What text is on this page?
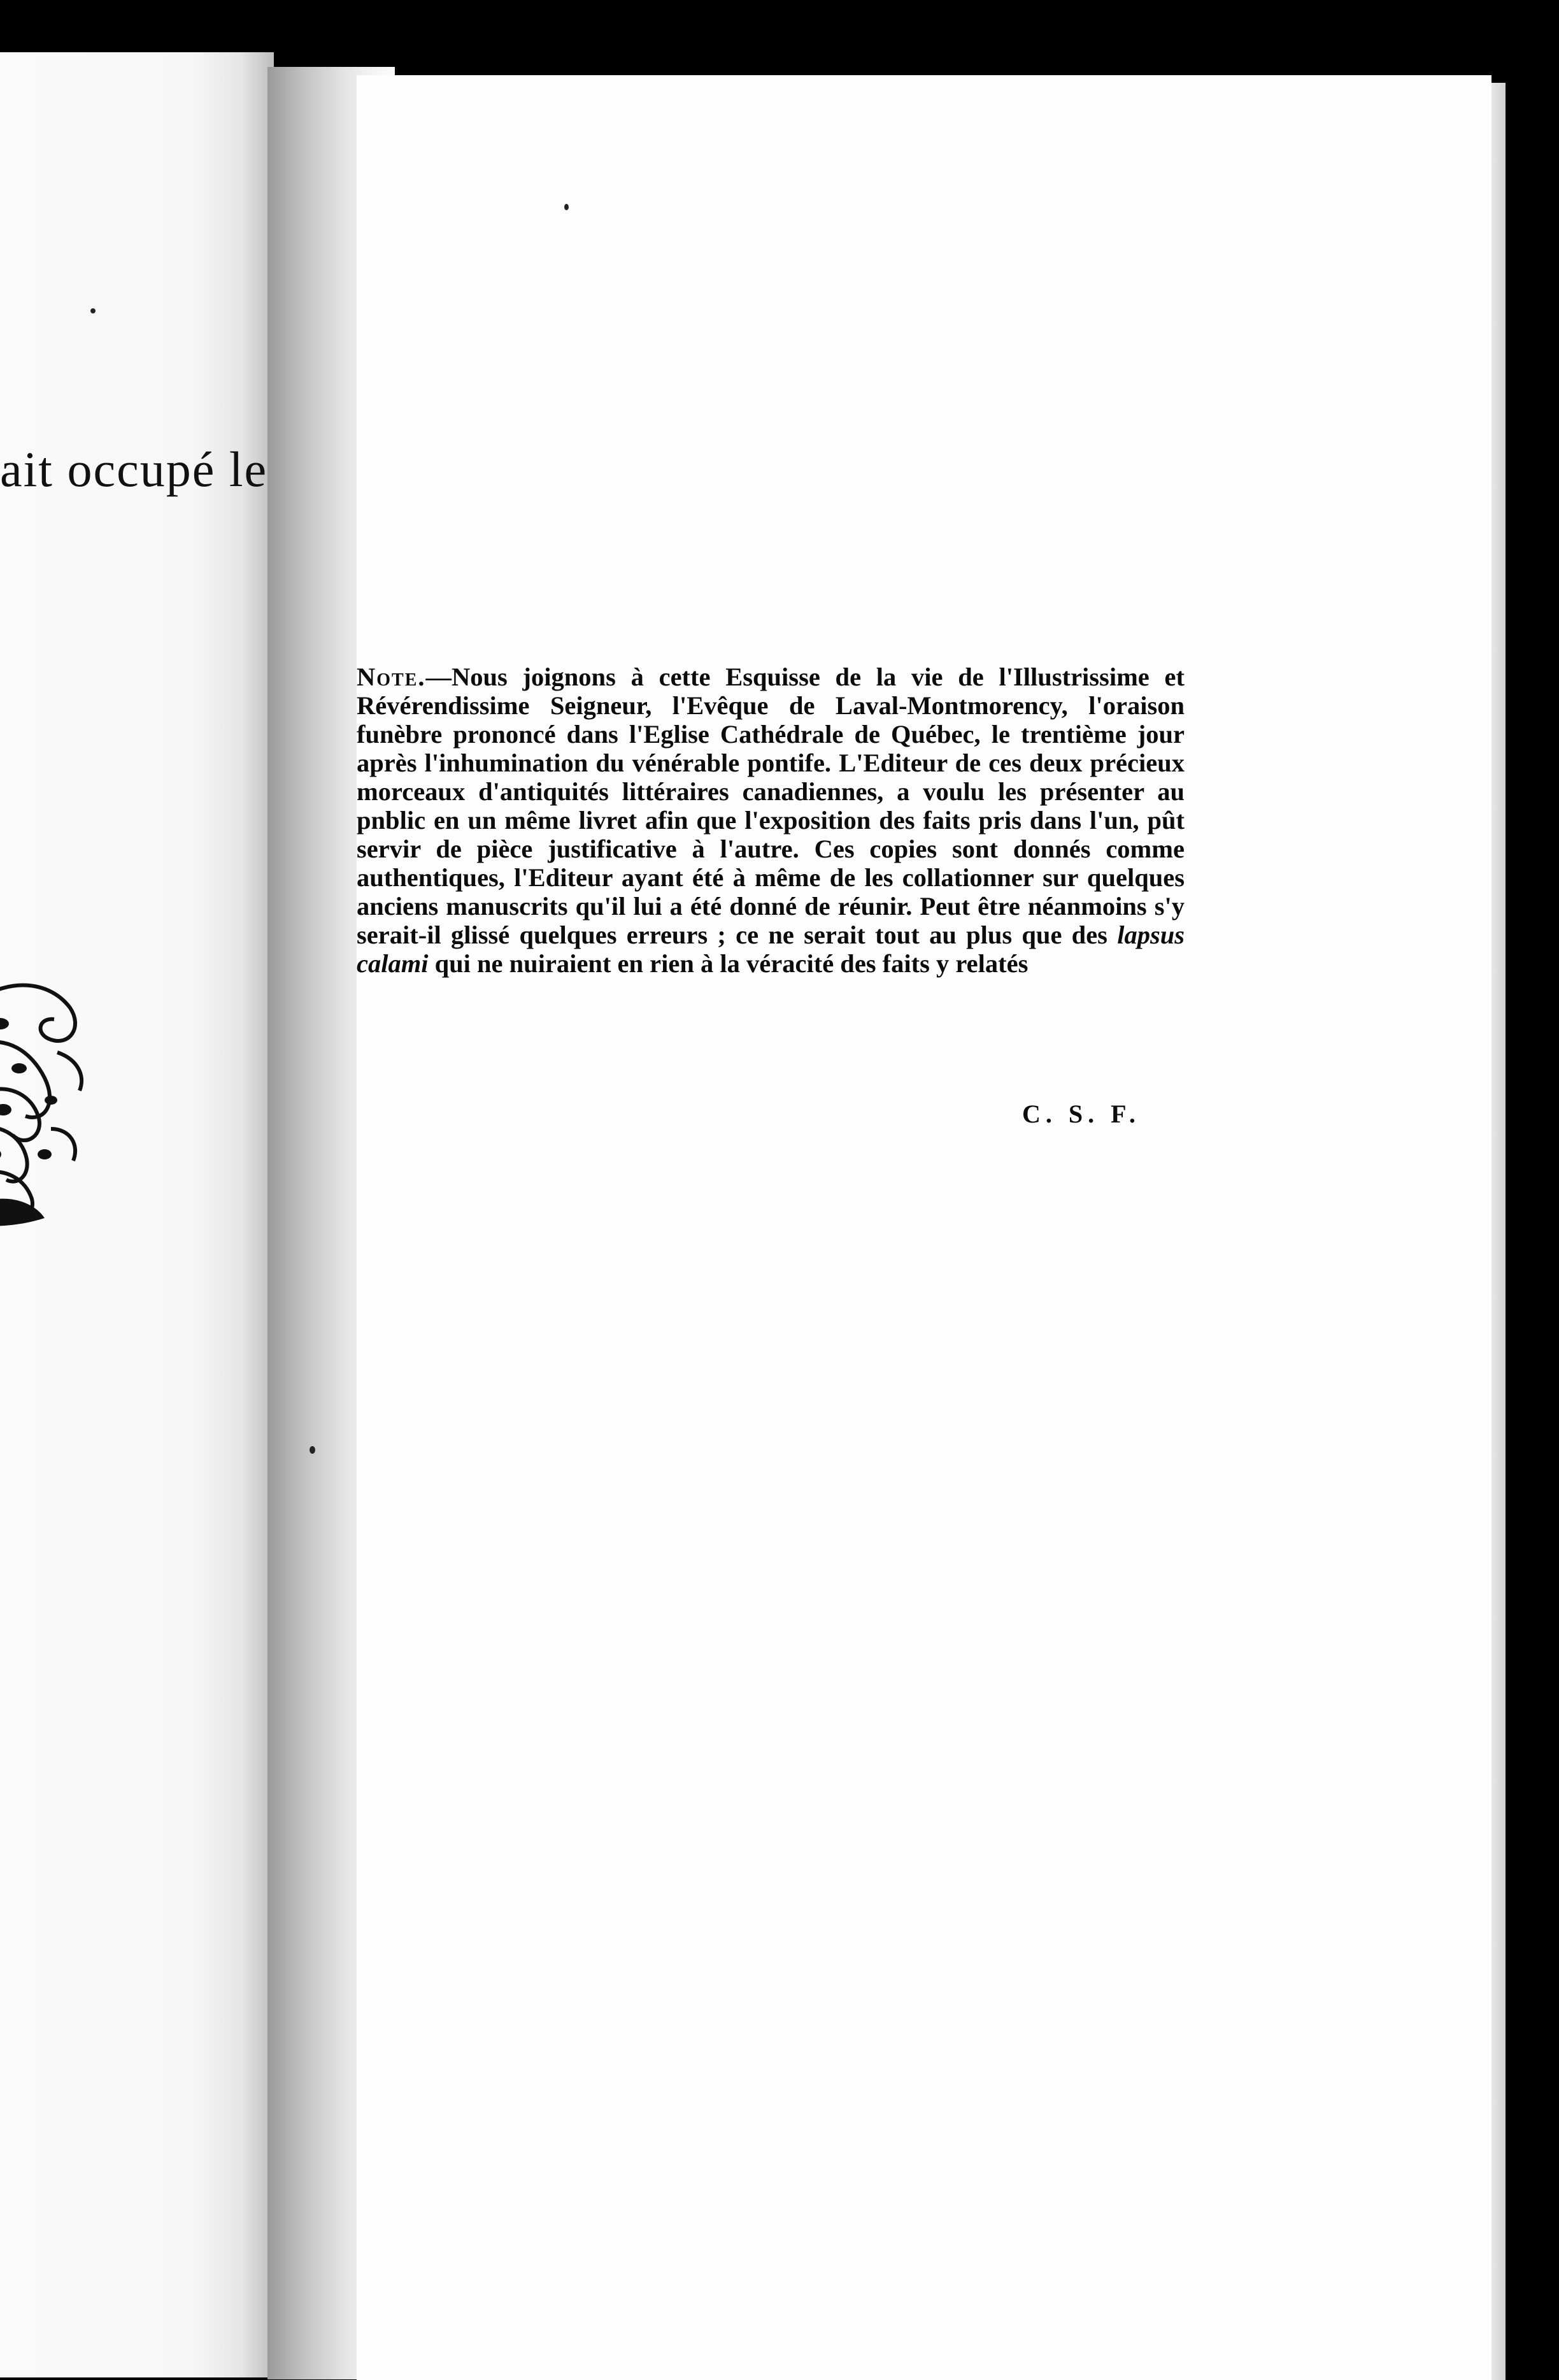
ait occupé le
Note.—Nous joignons à cette Esquisse de la vie de l'Illustrissime et Révérendissime Seigneur, l'Evêque de Laval-Montmorency, l'oraison funèbre prononcé dans l'Eglise Cathédrale de Québec, le trentième jour après l'inhumination du vénérable pontife. L'Editeur de ces deux précieux morceaux d'antiquités littéraires canadiennes, a voulu les présenter au pnblic en un même livret afin que l'exposition des faits pris dans l'un, pût servir de pièce justificative à l'autre. Ces copies sont donnés comme authentiques, l'Editeur ayant été à même de les collationner sur quelques anciens manuscrits qu'il lui a été donné de réunir. Peut être néanmoins s'y serait-il glissé quelques erreurs ; ce ne serait tout au plus que des lapsus calami qui ne nuiraient en rien à la véracité des faits y relatés
C. S. F.
